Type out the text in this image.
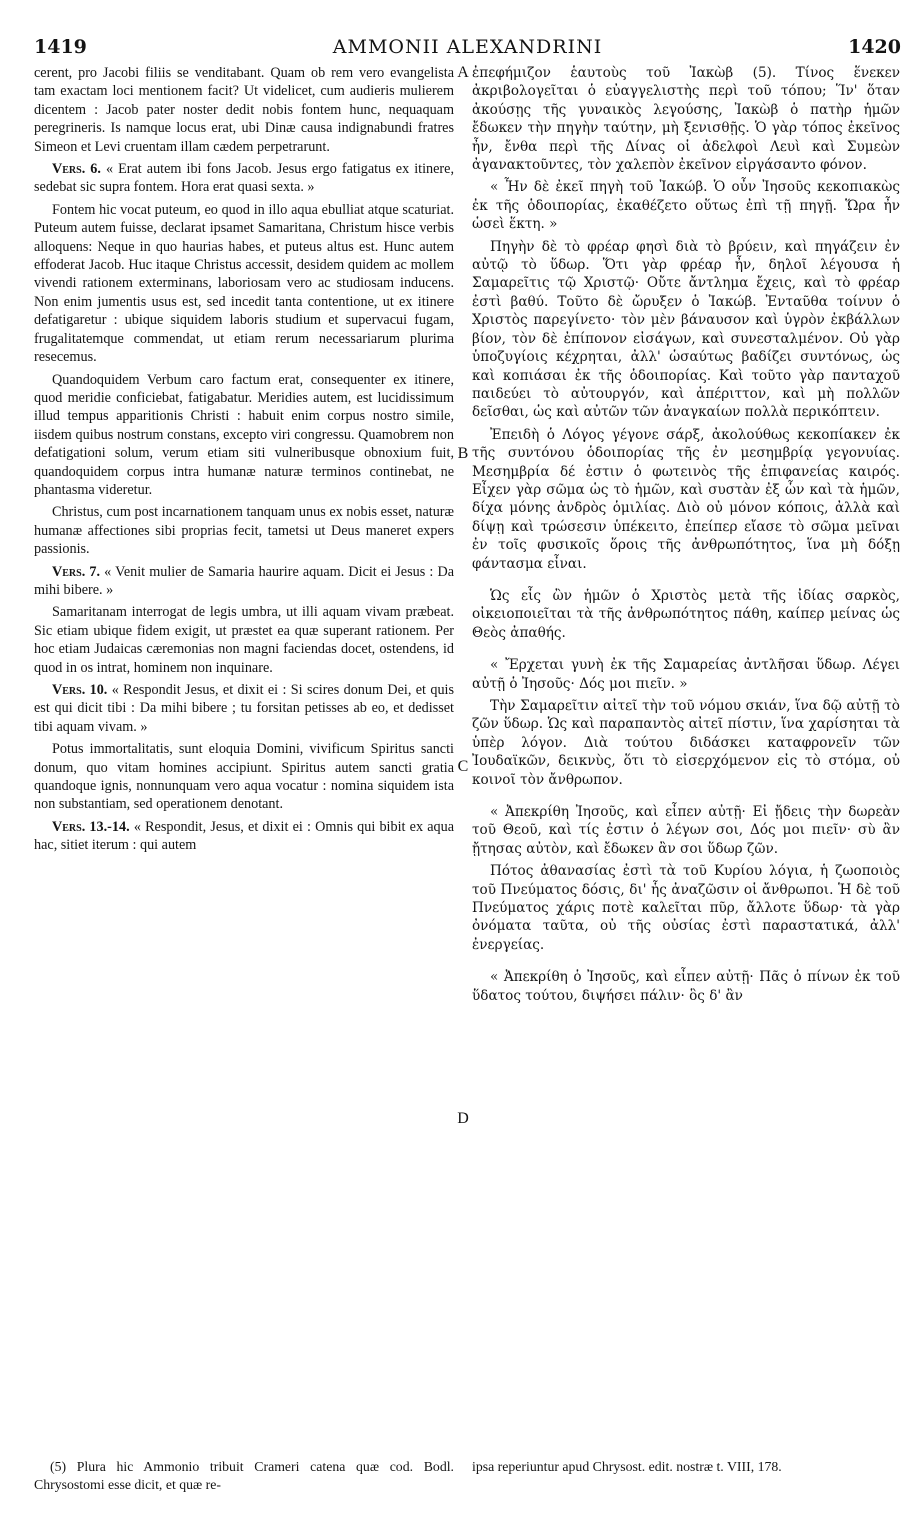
1419	AMMONII ALEXANDRINI	1420

cerent, pro Jacobi filiis se venditabant. Quam ob rem vero evangelista tam exactam loci mentionem facit? Ut videlicet, cum audieris mulierem dicentem : Jacob pater noster dedit nobis fontem hunc, nequaquam peregrineris. Is namque locus erat, ubi Dinæ causa indignabundi fratres Simeon et Levi cruentam illam cædem perpetrarunt.

Vers. 6. « Erat autem ibi fons Jacob. Jesus ergo fatigatus ex itinere, sedebat sic supra fontem. Hora erat quasi sexta. »

Fontem hic vocat puteum, eo quod in illo aqua ebulliat atque scaturiat. Puteum autem fuisse, declarat ipsamet Samaritana, Christum hisce verbis alloquens: Neque in quo haurias habes, et puteus altus est. Hunc autem effoderat Jacob. Huc itaque Christus accessit, desidem quidem ac mollem vivendi rationem exterminans, laboriosam vero ac studiosam inducens. Non enim jumentis usus est, sed incedit tanta contentione, ut ex itinere defatigaretur : ubique siquidem laboris studium et supervacui fugam, frugalitatemque commendat, ut etiam rerum necessariarum plurima resecemus.

Quandoquidem Verbum caro factum erat, consequenter ex itinere, quod meridie conficiebat, fatigabatur. Meridies autem, est lucidissimum illud tempus apparitionis Christi : habuit enim corpus nostro simile, iisdem quibus nostrum constans, excepto viri congressu. Quamobrem non defatigationi solum, verum etiam siti vulneribusque obnoxium fuit, quandoquidem corpus intra humanæ naturæ terminos continebat, ne phantasma videretur.

Christus, cum post incarnationem tanquam unus ex nobis esset, naturæ humanæ affectiones sibi proprias fecit, tametsi ut Deus maneret expers passionis.

Vers. 7. « Venit mulier de Samaria haurire aquam. Dicit ei Jesus : Da mihi bibere. »

Samaritanam interrogat de legis umbra, ut illi aquam vivam præbeat. Sic etiam ubique fidem exigit, ut præstet ea quæ superant rationem. Per hoc etiam Judaicas cæremonias non magni faciendas docet, ostendens, id quod in os intrat, hominem non inquinare.

Vers. 10. « Respondit Jesus, et dixit ei : Si scires donum Dei, et quis est qui dicit tibi : Da mihi bibere ; tu forsitan petisses ab eo, et dedisset tibi aquam vivam. »

Potus immortalitatis, sunt eloquia Domini, vivificum Spiritus sancti donum, quo vitam homines accipiunt. Spiritus autem sancti gratia quandoque ignis, nonnunquam vero aqua vocatur : nomina siquidem ista non substantiam, sed operationem denotant.

Vers. 13.-14. « Respondit, Jesus, et dixit ei : Omnis qui bibit ex aqua hac, sitiet iterum : qui autem

A
B
C
D

ἐπεφήμιζον ἑαυτοὺς τοῦ Ἰακὼβ (5). Τίνος ἕνεκεν ἀκριβολογεῖται ὁ εὐαγγελιστὴς περὶ τοῦ τόπου; Ἵν' ὅταν ἀκούσῃς τῆς γυναικὸς λεγούσης, Ἰακὼβ ὁ πατὴρ ἡμῶν ἔδωκεν τὴν πηγὴν ταύτην, μὴ ξενισθῇς. Ὁ γὰρ τόπος ἐκεῖνος ἦν, ἔνθα περὶ τῆς Δίνας οἱ ἀδελφοὶ Λευὶ καὶ Συμεὼν ἀγανακτοῦντες, τὸν χαλεπὸν ἐκεῖνον εἰργάσαντο φόνον.

« Ἦν δὲ ἐκεῖ πηγὴ τοῦ Ἰακώβ. Ὁ οὖν Ἰησοῦς κεκοπιακὼς ἐκ τῆς ὁδοιπορίας, ἐκαθέζετο οὕτως ἐπὶ τῇ πηγῇ. Ὥρα ἦν ὡσεὶ ἕκτη. »

Πηγὴν δὲ τὸ φρέαρ φησὶ διὰ τὸ βρύειν, καὶ πηγάζειν ἐν αὐτῷ τὸ ὕδωρ. Ὅτι γὰρ φρέαρ ἦν, δηλοῖ λέγουσα ἡ Σαμαρεῖτις τῷ Χριστῷ· Οὔτε ἄντλημα ἔχεις, καὶ τὸ φρέαρ ἐστὶ βαθύ. Τοῦτο δὲ ὤρυξεν ὁ Ἰακώβ. Ἐνταῦθα τοίνυν ὁ Χριστὸς παρεγίνετο· τὸν μὲν βάναυσον καὶ ὑγρὸν ἐκβάλλων βίον, τὸν δὲ ἐπίπονον εἰσάγων, καὶ συνεσταλμένον. Οὐ γὰρ ὑποζυγίοις κέχρηται, ἀλλ' ὡσαύτως βαδίζει συντόνως, ὡς καὶ κοπιάσαι ἐκ τῆς ὁδοιπορίας. Καὶ τοῦτο γὰρ πανταχοῦ παιδεύει τὸ αὐτουργόν, καὶ ἀπέριττον, καὶ μὴ πολλῶν δεῖσθαι, ὡς καὶ αὐτῶν τῶν ἀναγκαίων πολλὰ περικόπτειν.

Ἐπειδὴ ὁ Λόγος γέγονε σάρξ, ἀκολούθως κεκοπίακεν ἐκ τῆς συντόνου ὁδοιπορίας τῆς ἐν μεσημβρίᾳ γεγονυίας. Μεσημβρία δέ ἐστιν ὁ φωτεινὸς τῆς ἐπιφανείας καιρός. Εἶχεν γὰρ σῶμα ὡς τὸ ἡμῶν, καὶ συστὰν ἐξ ὧν καὶ τὰ ἡμῶν, δίχα μόνης ἀνδρὸς ὁμιλίας. Διὸ οὐ μόνον κόποις, ἀλλὰ καὶ δίψῃ καὶ τρώσεσιν ὑπέκειτο, ἐπείπερ εἴασε τὸ σῶμα μεῖναι ἐν τοῖς φυσικοῖς ὅροις τῆς ἀνθρωπότητος, ἵνα μὴ δόξῃ φάντασμα εἶναι.

Ὡς εἷς ὢν ἡμῶν ὁ Χριστὸς μετὰ τῆς ἰδίας σαρκὸς, οἰκειοποιεῖται τὰ τῆς ἀνθρωπότητος πάθη, καίπερ μείνας ὡς Θεὸς ἀπαθής.

« Ἔρχεται γυνὴ ἐκ τῆς Σαμαρείας ἀντλῆσαι ὕδωρ. Λέγει αὐτῇ ὁ Ἰησοῦς· Δός μοι πιεῖν. »

Τὴν Σαμαρεῖτιν αἰτεῖ τὴν τοῦ νόμου σκιάν, ἵνα δῷ αὐτῇ τὸ ζῶν ὕδωρ. Ὡς καὶ παραπαντὸς αἰτεῖ πίστιν, ἵνα χαρίσηται τὰ ὑπὲρ λόγον. Διὰ τούτου διδάσκει καταφρονεῖν τῶν Ἰουδαϊκῶν, δεικνὺς, ὅτι τὸ εἰσερχόμενον εἰς τὸ στόμα, οὐ κοινοῖ τὸν ἄνθρωπον.

« Ἀπεκρίθη Ἰησοῦς, καὶ εἶπεν αὐτῇ· Εἰ ᾔδεις τὴν δωρεὰν τοῦ Θεοῦ, καὶ τίς ἐστιν ὁ λέγων σοι, Δός μοι πιεῖν· σὺ ἂν ᾔτησας αὐτὸν, καὶ ἔδωκεν ἂν σοι ὕδωρ ζῶν.

Πότος ἀθανασίας ἐστὶ τὰ τοῦ Κυρίου λόγια, ἡ ζωοποιὸς τοῦ Πνεύματος δόσις, δι' ἧς ἀναζῶσιν οἱ ἄνθρωποι. Ἡ δὲ τοῦ Πνεύματος χάρις ποτὲ καλεῖται πῦρ, ἄλλοτε ὕδωρ· τὰ γὰρ ὀνόματα ταῦτα, οὐ τῆς οὐσίας ἐστὶ παραστατικά, ἀλλ' ἐνεργείας.

« Ἀπεκρίθη ὁ Ἰησοῦς, καὶ εἶπεν αὐτῇ· Πᾶς ὁ πίνων ἐκ τοῦ ὕδατος τούτου, διψήσει πάλιν· ὃς δ' ἂν

(5) Plura hic Ammonio tribuit Crameri catena quæ cod. Bodl. Chrysostomi esse dicit, et quæ re-
ipsa reperiuntur apud Chrysost. edit. nostræ t. VIII, 178.
